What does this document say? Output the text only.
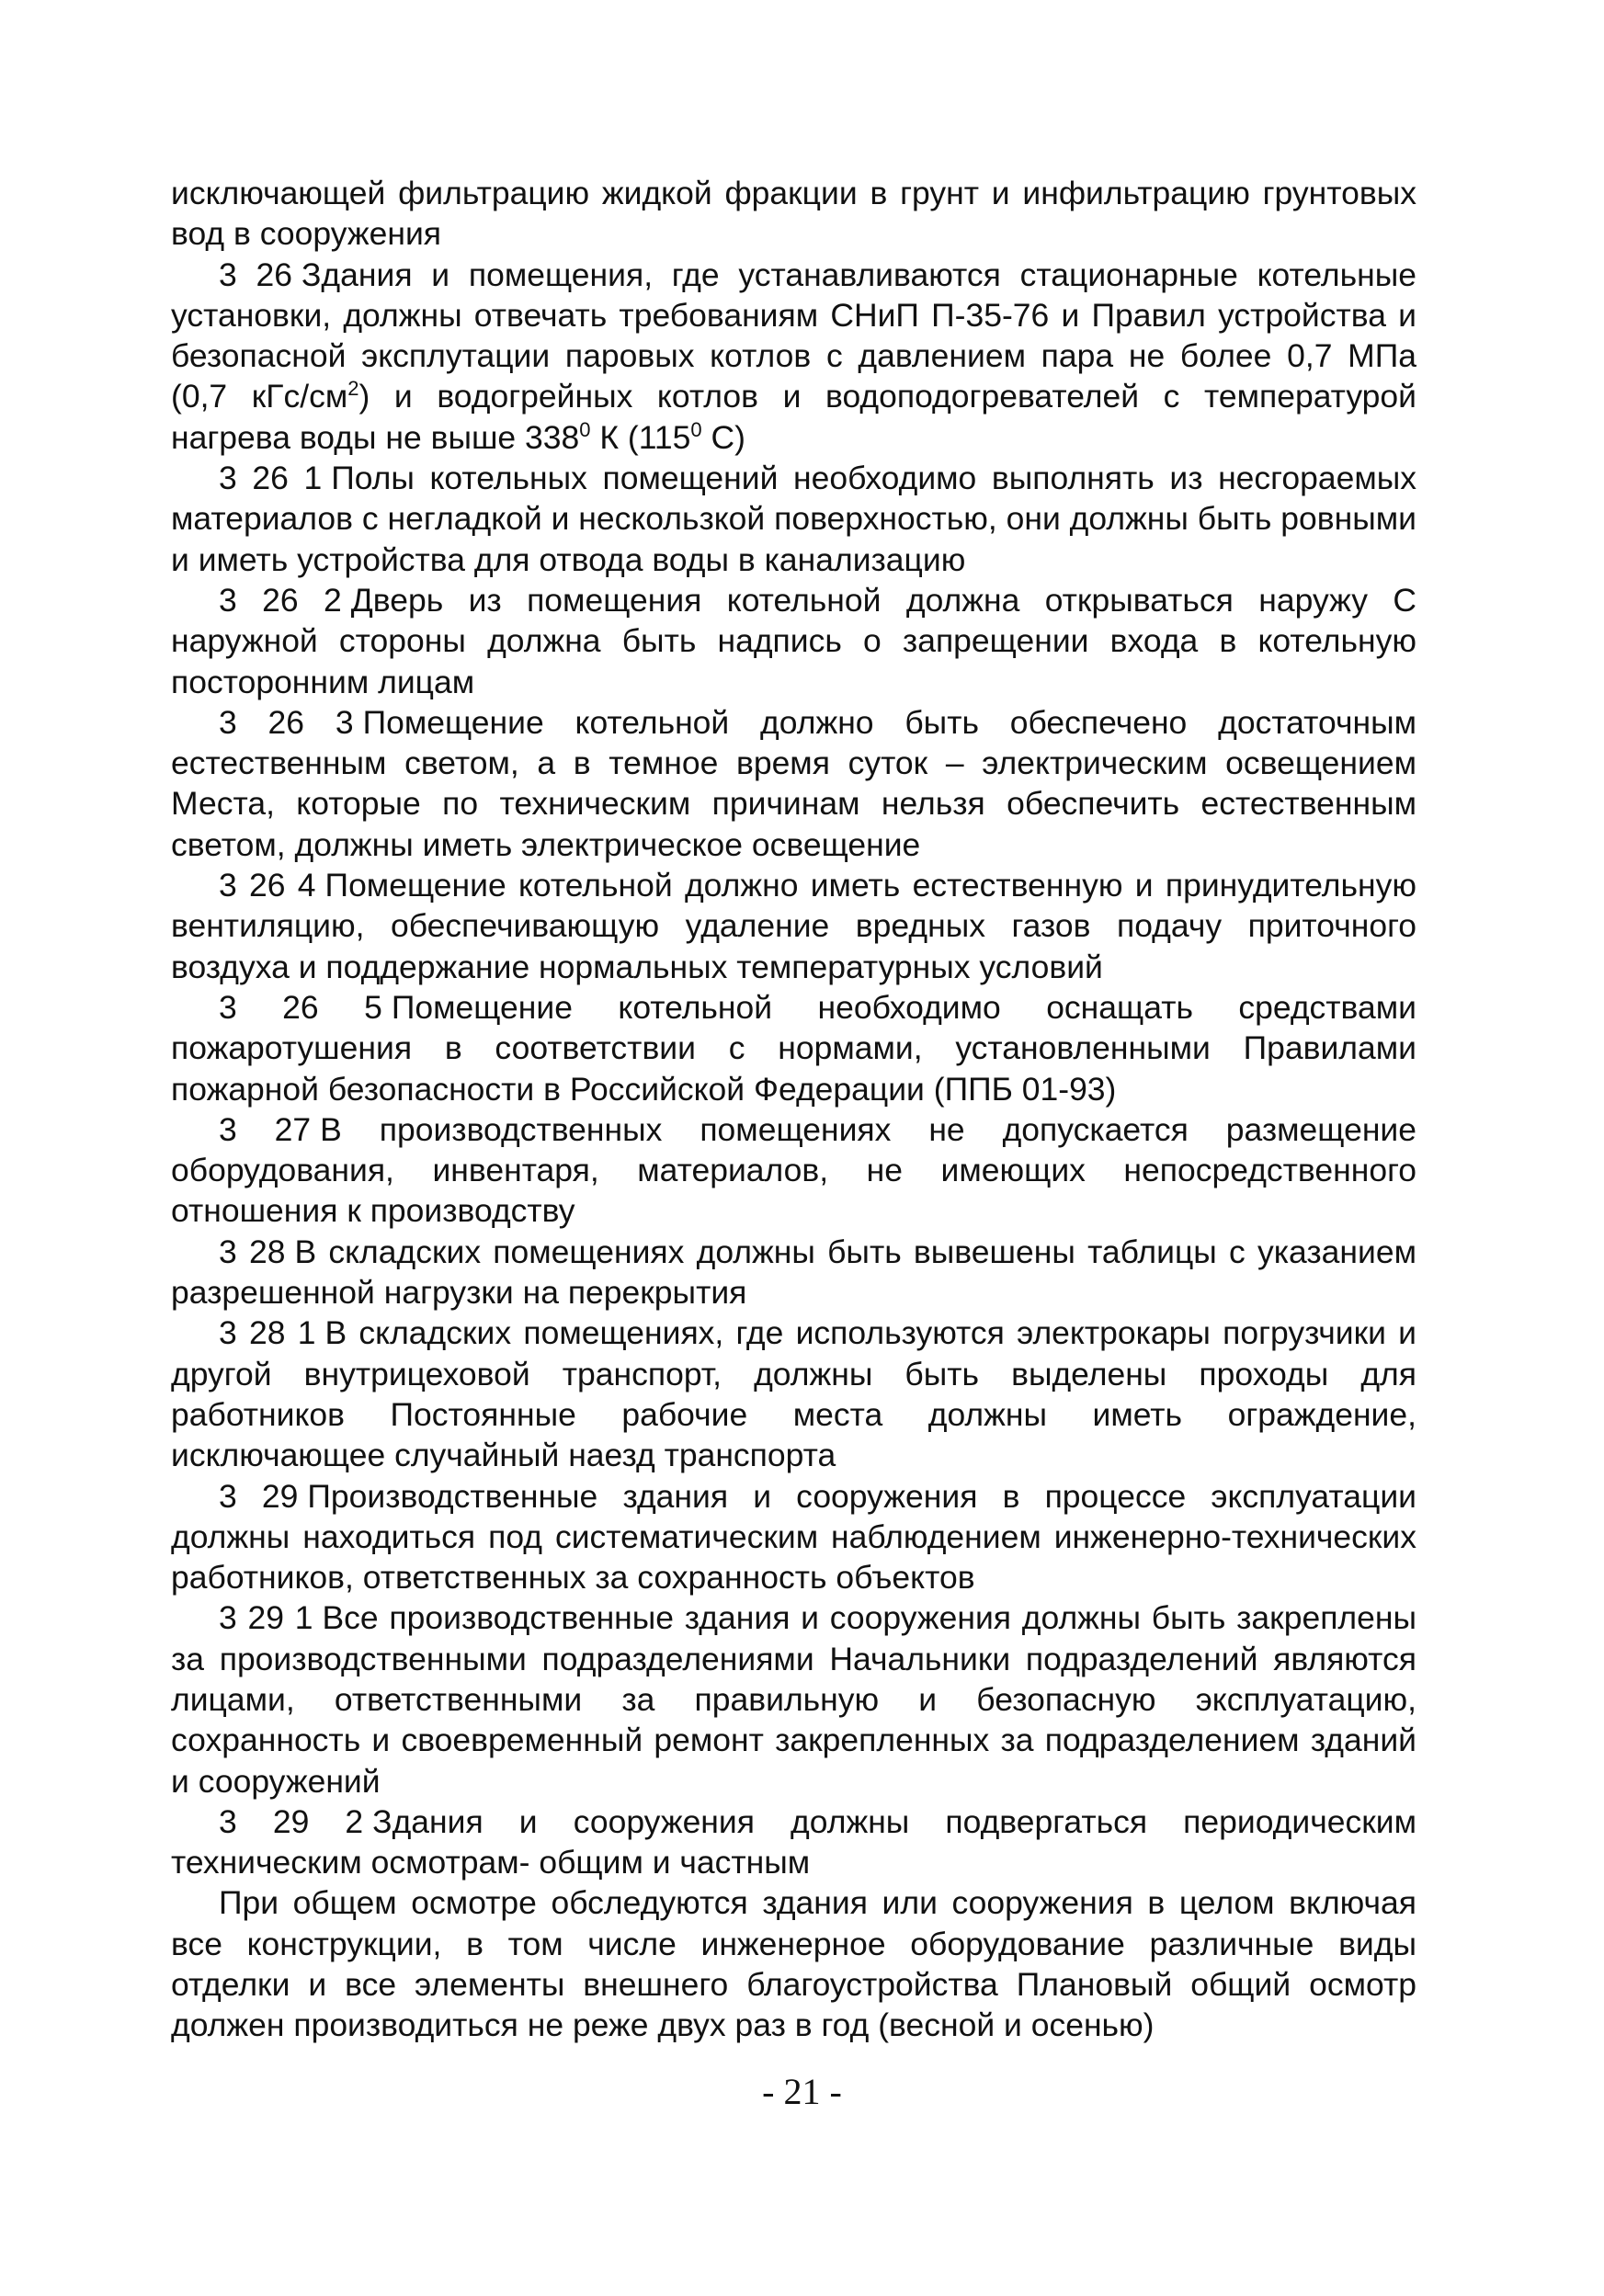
исключающей фильтрацию жидкой фракции в грунт и инфильтрацию грунтовых вод в сооружения

3 26 Здания и помещения, где устанавливаются стационарные котельные установки, должны отвечать требованиям СНиП П-35-76 и Правил устройства и безопасной эксплутации паровых котлов с давлением пара не более 0,7 МПа (0,7 кГс/$см^2$) и водогрейных котлов и водоподогревателей с температурой нагрева воды не выше $338^0$ К ($115^0$ С)

3 26 1 Полы котельных помещений необходимо выполнять из несгораемых материалов с негладкой и нескользкой поверхностью, они должны быть ровными и иметь устройства для отвода воды в канализацию

3 26 2 Дверь из помещения котельной должна открываться наружу С наружной стороны должна быть надпись о запрещении входа в котельную посторонним лицам

3 26 3 Помещение котельной должно быть обеспечено достаточным естественным светом, а в темное время суток – электрическим освещением Места, которые по техническим причинам нельзя обеспечить естественным светом, должны иметь электрическое освещение

3 26 4 Помещение котельной должно иметь естественную и принудительную вентиляцию, обеспечивающую удаление вредных газов подачу приточного воздуха и поддержание нормальных температурных условий

3 26 5 Помещение котельной необходимо оснащать средствами пожаротушения в соответствии с нормами, установленными Правилами пожарной безопасности в Российской Федерации (ППБ 01-93)

3 27 В производственных помещениях не допускается размещение оборудования, инвентаря, материалов, не имеющих непосредственного отношения к производству

3 28 В складских помещениях должны быть вывешены таблицы с указанием разрешенной нагрузки на перекрытия

3 28 1 В складских помещениях, где используются электрокары погрузчики и другой внутрицеховой транспорт, должны быть выделены проходы для работников Постоянные рабочие места должны иметь ограждение, исключающее случайный наезд транспорта

3 29 Производственные здания и сооружения в процессе эксплуатации должны находиться под систематическим наблюдением инженерно-технических работников, ответственных за сохранность объектов

3 29 1 Все производственные здания и сооружения должны быть закреплены за производственными подразделениями Начальники подразделений являются лицами, ответственными за правильную и безопасную эксплуатацию, сохранность и своевременный ремонт закрепленных за подразделением зданий и сооружений

3 29 2 Здания и сооружения должны подвергаться периодическим техническим осмотрам- общим и частным

При общем осмотре обследуются здания или сооружения в целом включая все конструкции, в том числе инженерное оборудование различные виды отделки и все элементы внешнего благоустройства Плановый общий осмотр должен производиться не реже двух раз в год (весной и осенью)

- 21 -
